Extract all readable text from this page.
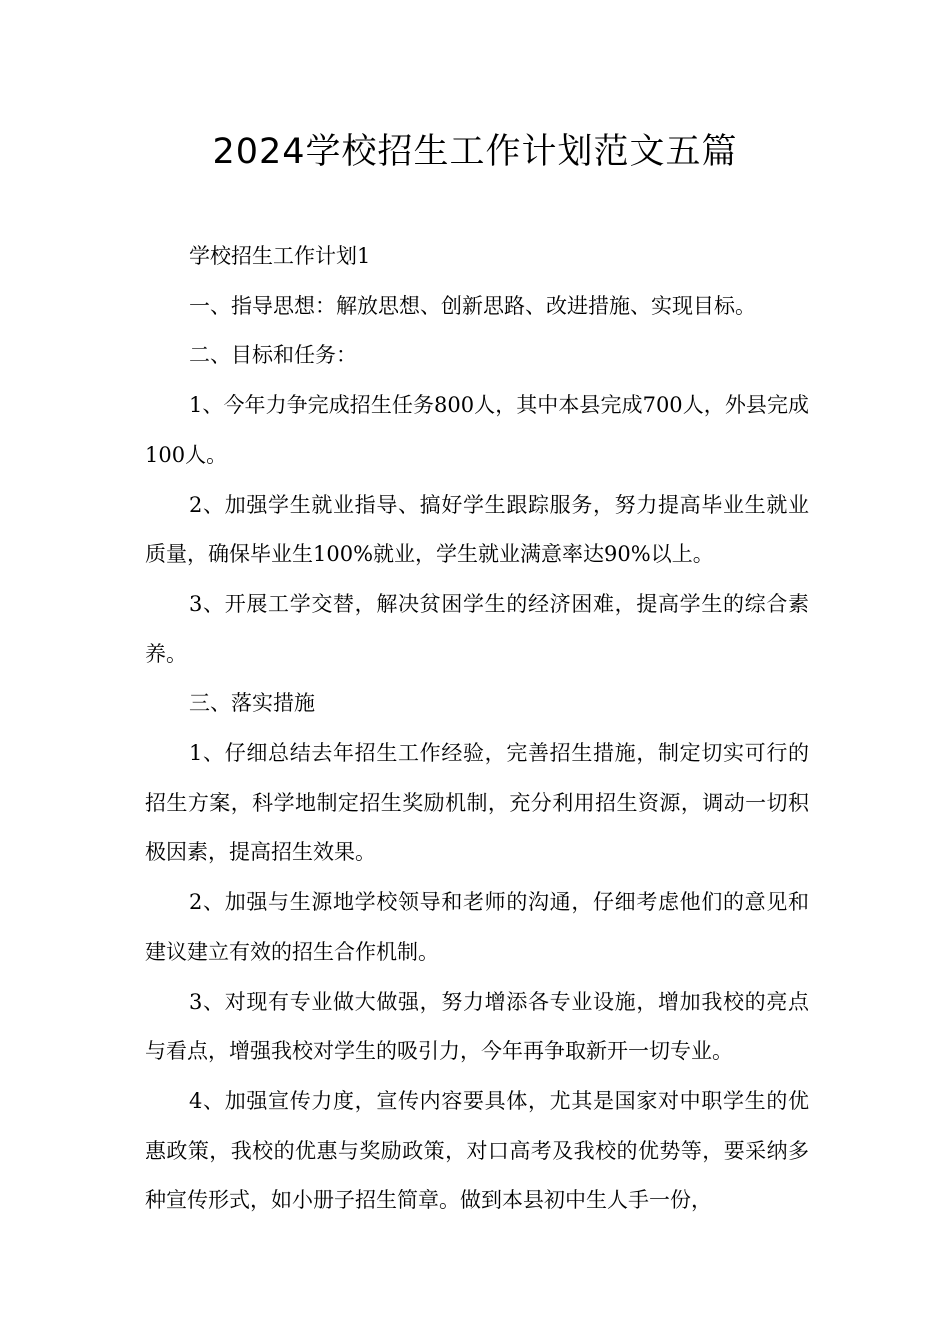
2024学校招生工作计划范文五篇

学校招生工作计划1

一、指导思想：解放思想、创新思路、改进措施、实现目标。

二、目标和任务：

1、今年力争完成招生任务800人，其中本县完成700人，外县完成100人。

2、加强学生就业指导、搞好学生跟踪服务，努力提高毕业生就业质量，确保毕业生100%就业，学生就业满意率达90%以上。

3、开展工学交替，解决贫困学生的经济困难，提高学生的综合素养。

三、落实措施

1、仔细总结去年招生工作经验，完善招生措施，制定切实可行的招生方案，科学地制定招生奖励机制，充分利用招生资源，调动一切积极因素，提高招生效果。

2、加强与生源地学校领导和老师的沟通，仔细考虑他们的意见和建议建立有效的招生合作机制。

3、对现有专业做大做强，努力增添各专业设施，增加我校的亮点与看点，增强我校对学生的吸引力，今年再争取新开一切专业。

4、加强宣传力度，宣传内容要具体，尤其是国家对中职学生的优惠政策，我校的优惠与奖励政策，对口高考及我校的优势等，要采纳多种宣传形式，如小册子招生简章。做到本县初中生人手一份，
